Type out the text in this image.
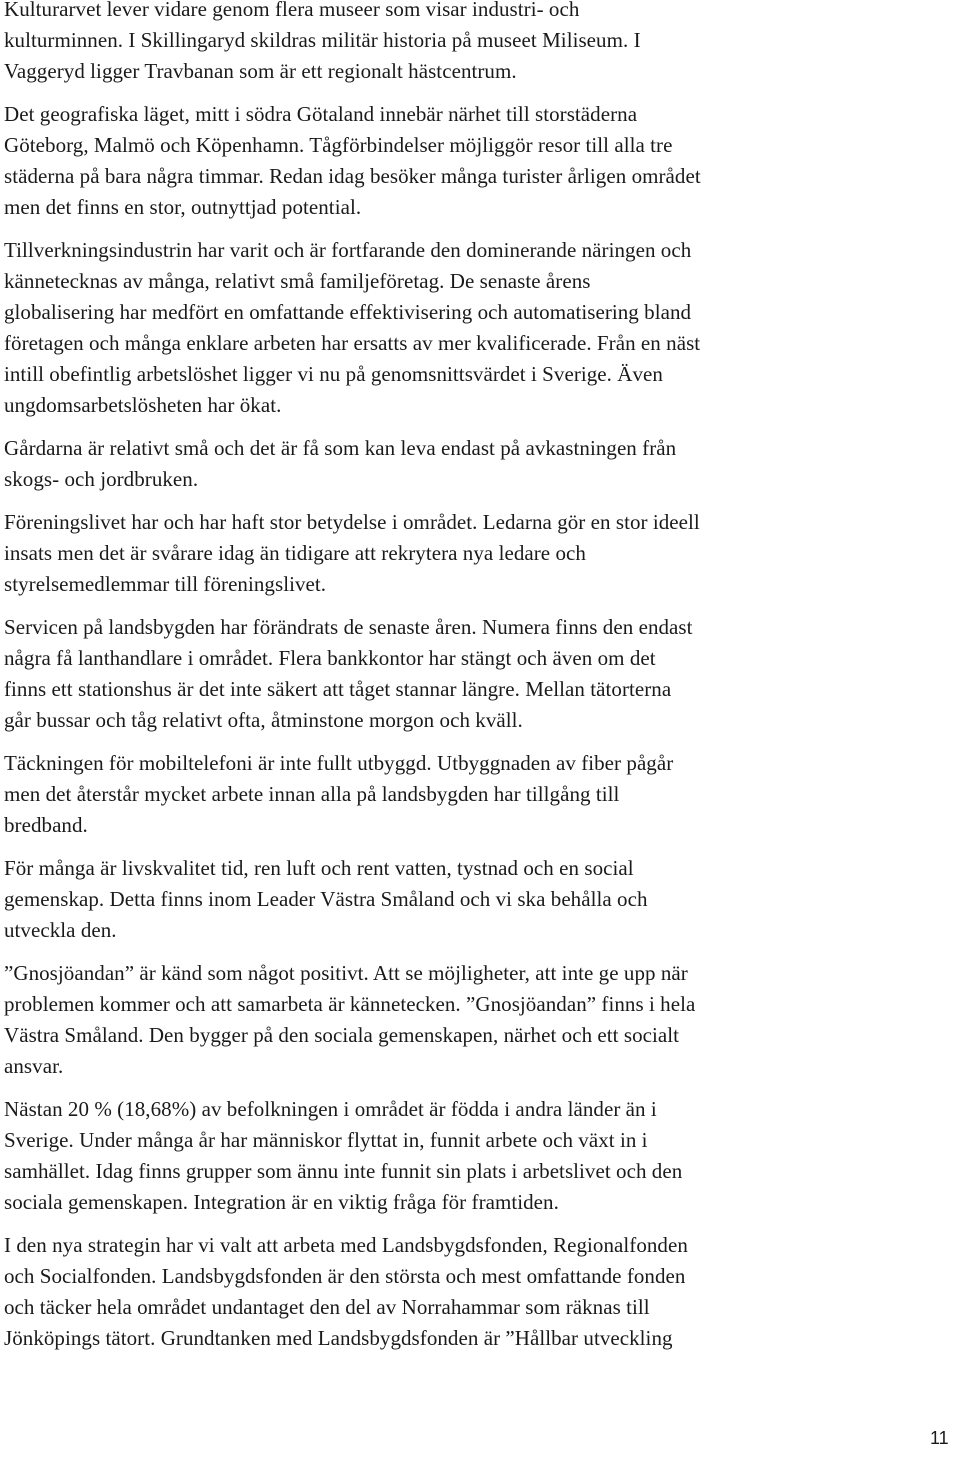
Kulturarvet lever vidare genom flera museer som visar industri- och
kulturminnen. I Skillingaryd skildras militär historia på museet Miliseum. I
Vaggeryd ligger Travbanan som är ett regionalt hästcentrum.

Det geografiska läget, mitt i södra Götaland innebär närhet till storstäderna
Göteborg, Malmö och Köpenhamn. Tågförbindelser möjliggör resor till alla tre
städerna på bara några timmar. Redan idag besöker många turister årligen området
men det finns en stor, outnyttjad potential.

Tillverkningsindustrin har varit och är fortfarande den dominerande näringen och
kännetecknas av många, relativt små familjeföretag. De senaste årens
globalisering har medfört en omfattande effektivisering och automatisering bland
företagen och många enklare arbeten har ersatts av mer kvalificerade. Från en näst
intill obefintlig arbetslöshet ligger vi nu på genomsnittsvärdet i Sverige. Även
ungdomsarbetslösheten har ökat.

Gårdarna är relativt små och det är få som kan leva endast på avkastningen från
skogs- och jordbruken.

Föreningslivet har och har haft stor betydelse i området. Ledarna gör en stor ideell
insats men det är svårare idag än tidigare att rekrytera nya ledare och
styrelsemedlemmar till föreningslivet.

Servicen på landsbygden har förändrats de senaste åren. Numera finns den endast
några få lanthandlare i området. Flera bankkontor har stängt och även om det
finns ett stationshus är det inte säkert att tåget stannar längre. Mellan tätorterna
går bussar och tåg relativt ofta, åtminstone morgon och kväll.

Täckningen för mobiltelefoni är inte fullt utbyggd. Utbyggnaden av fiber pågår
men det återstår mycket arbete innan alla på landsbygden har tillgång till
bredband.

För många är livskvalitet tid, ren luft och rent vatten, tystnad och en social
gemenskap. Detta finns inom Leader Västra Småland och vi ska behålla och
utveckla den.

”Gnosjöandan” är känd som något positivt. Att se möjligheter, att inte ge upp när
problemen kommer och att samarbeta är kännetecken. ”Gnosjöandan” finns i hela
Västra Småland. Den bygger på den sociala gemenskapen, närhet och ett socialt
ansvar.

Nästan 20 % (18,68%) av befolkningen i området är födda i andra länder än i
Sverige. Under många år har människor flyttat in, funnit arbete och växt in i
samhället. Idag finns grupper som ännu inte funnit sin plats i arbetslivet och den
sociala gemenskapen. Integration är en viktig fråga för framtiden.

I den nya strategin har vi valt att arbeta med Landsbygdsfonden, Regionalfonden
och Socialfonden. Landsbygdsfonden är den största och mest omfattande fonden
och täcker hela området undantaget den del av Norrahammar som räknas till
Jönköpings tätort. Grundtanken med Landsbygdsfonden är ”Hållbar utveckling

11
